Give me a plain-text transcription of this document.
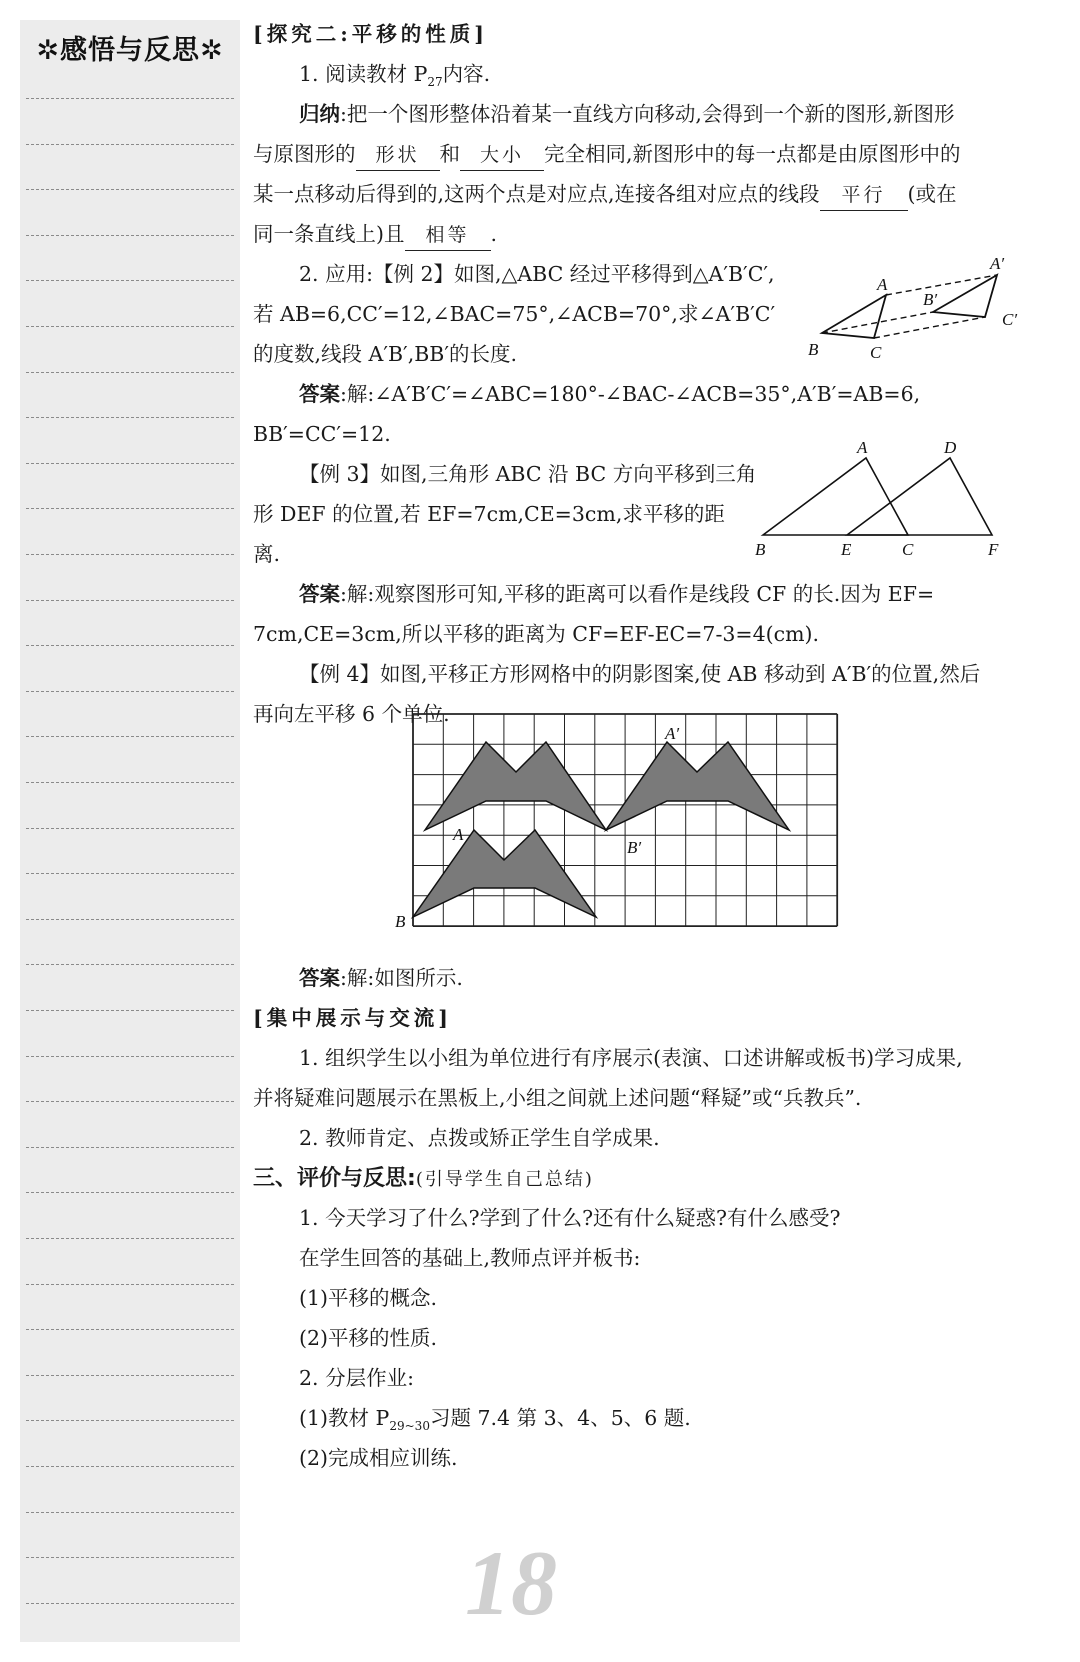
✲感悟与反思✲
[探究二:平移的性质]
1. 阅读教材 $P_{27}$内容.
归纳:把一个图形整体沿着某一直线方向移动,会得到一个新的图形,新图形
与原图形的 形状 和 大小 完全相同,新图形中的每一点都是由原图形中的
某一点移动后得到的,这两个点是对应点,连接各组对应点的线段 平行 (或在
同一条直线上)且 相等 .
2. 应用:【例 2】如图,△ABC 经过平移得到△A′B′C′,
若 AB=6,CC′=12,∠BAC=75°,∠ACB=70°,求∠A′B′C′
的度数,线段 A′B′,BB′的长度.
答案:解:∠A′B′C′=∠ABC=180°-∠BAC-∠ACB=35°,A′B′=AB=6,
BB′=CC′=12.
【例 3】如图,三角形 ABC 沿 BC 方向平移到三角
形 DEF 的位置,若 EF=7cm,CE=3cm,求平移的距
离.
答案:解:观察图形可知,平移的距离可以看作是线段 CF 的长.因为 EF=
7cm,CE=3cm,所以平移的距离为 CF=EF-EC=7-3=4(cm).
【例 4】如图,平移正方形网格中的阴影图案,使 AB 移动到 A′B′的位置,然后
再向左平移 6 个单位.
答案:解:如图所示.
[集中展示与交流]
1. 组织学生以小组为单位进行有序展示(表演、口述讲解或板书)学习成果,
并将疑难问题展示在黑板上,小组之间就上述问题“释疑”或“兵教兵”.
2. 教师肯定、点拨或矫正学生自学成果.
三、评价与反思:(引导学生自己总结)
1. 今天学习了什么?学到了什么?还有什么疑惑?有什么感受?
在学生回答的基础上,教师点评并板书:
(1)平移的概念.
(2)平移的性质.
2. 分层作业:
(1)教材 $P_{29\sim 30}$习题 7.4 第 3、4、5、6 题.
(2)完成相应训练.
A
B	C
A′
B′
C′
A	D
B	E	C	F
A
B
A′
B′
18
